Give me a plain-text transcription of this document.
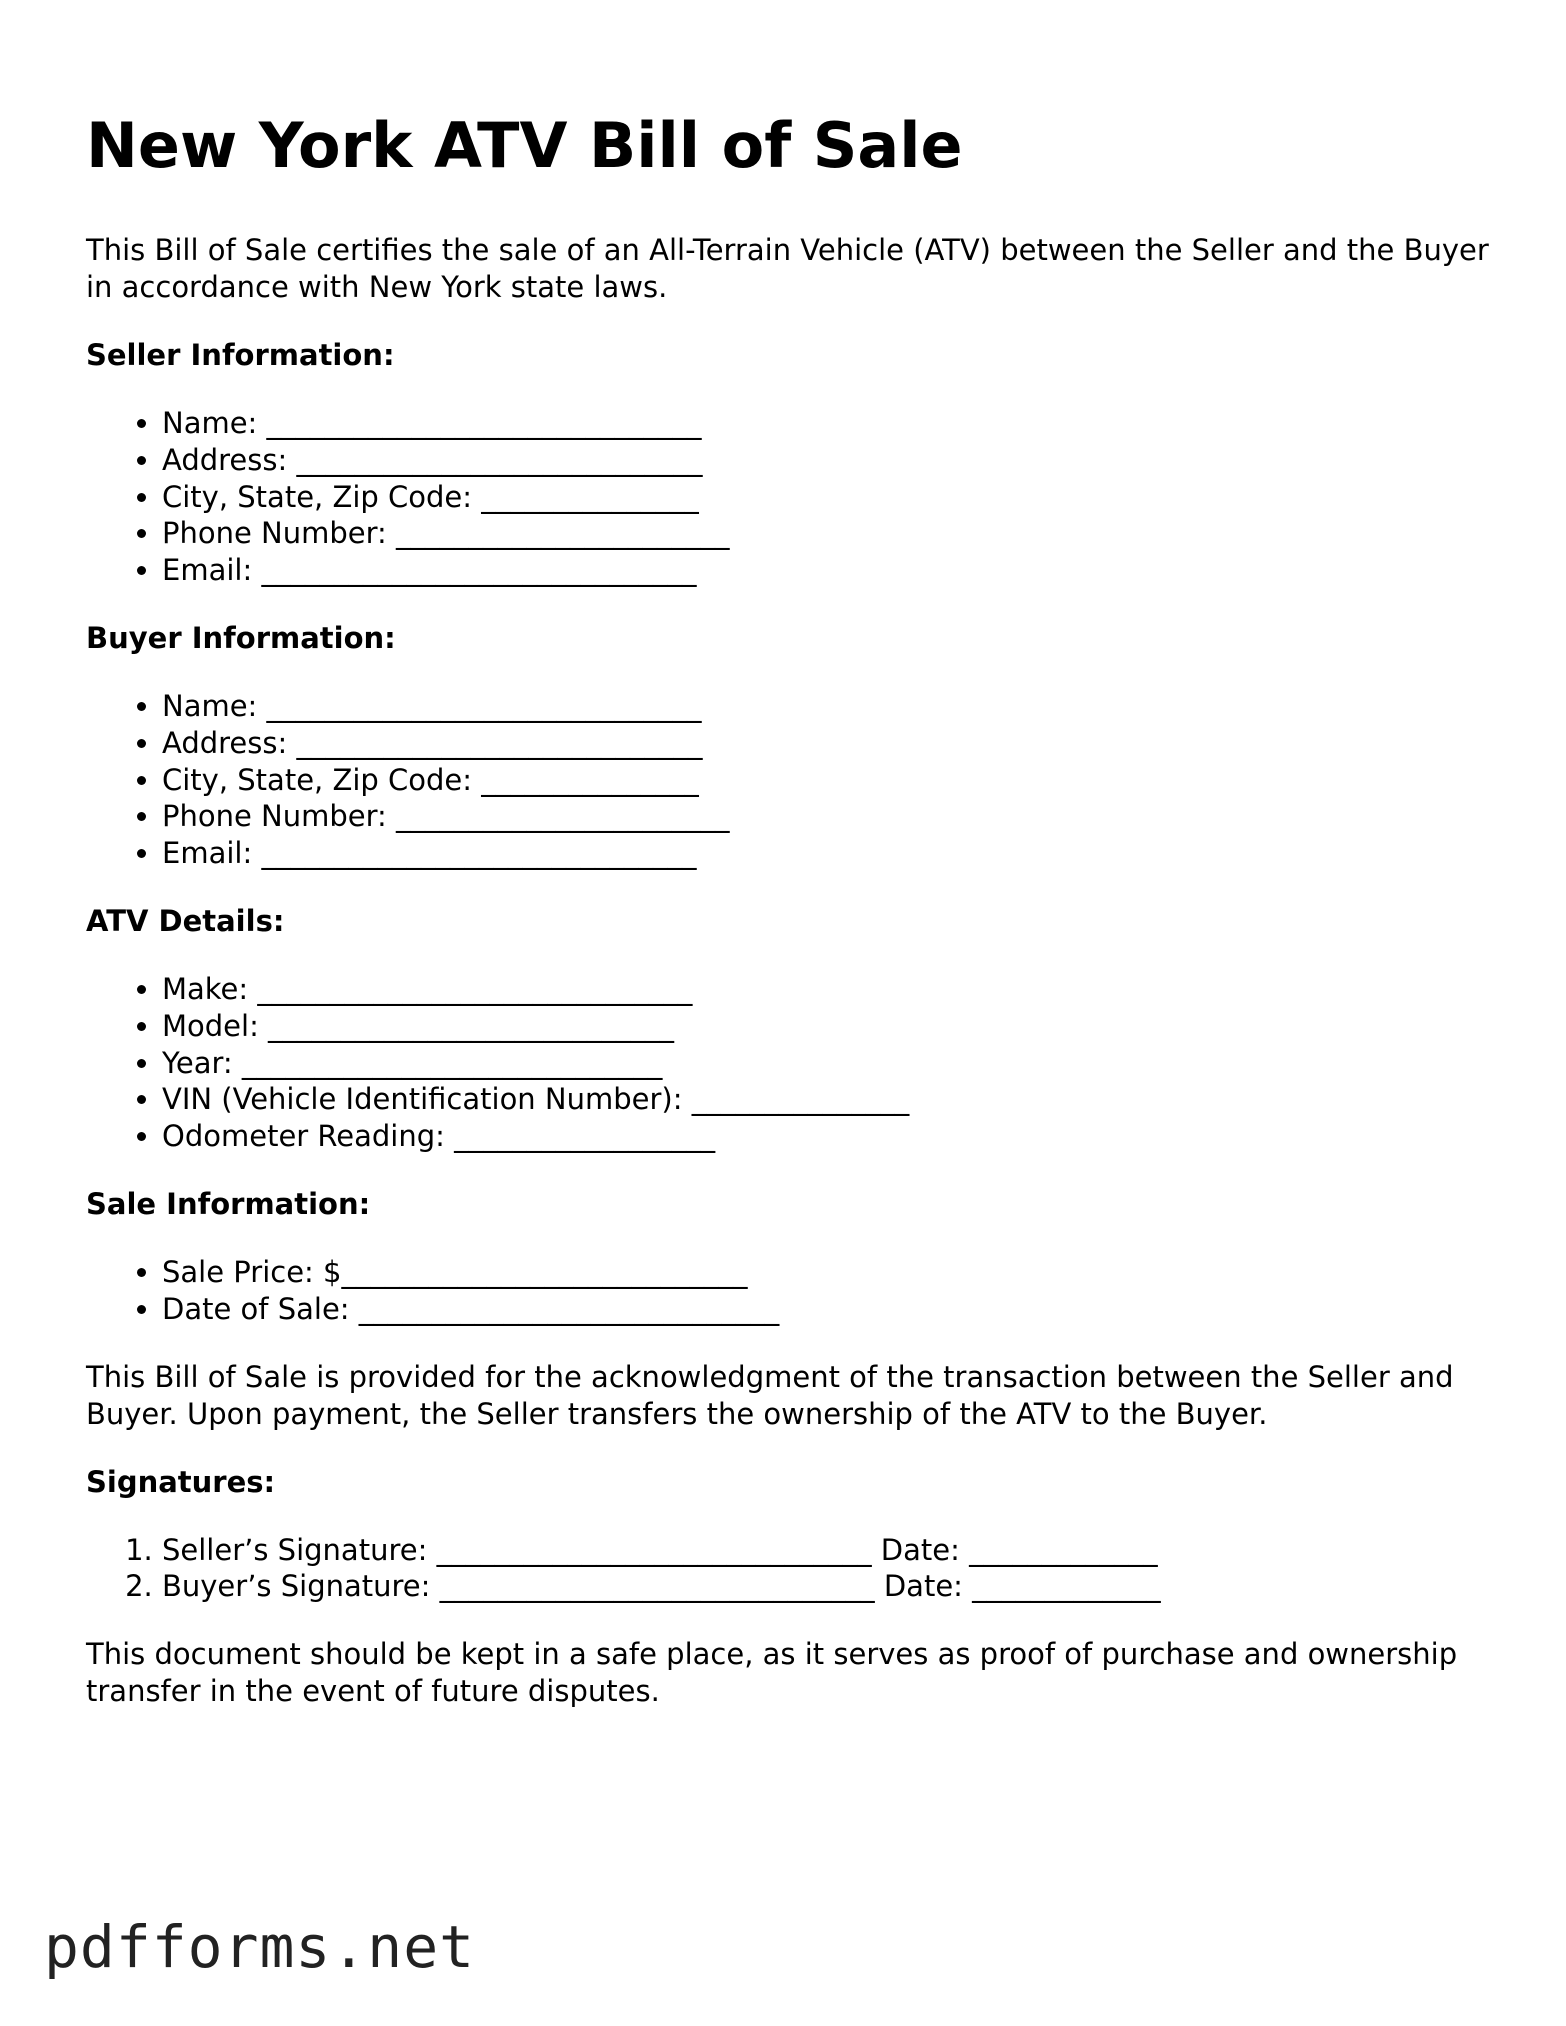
New York ATV Bill of Sale

This Bill of Sale certifies the sale of an All-Terrain Vehicle (ATV) between the Seller and the Buyer in accordance with New York state laws.

Seller Information:
• Name: ______________________________
• Address: ____________________________
• City, State, Zip Code: _______________
• Phone Number: _______________________
• Email: ______________________________
Buyer Information:
• Name: ______________________________
• Address: ____________________________
• City, State, Zip Code: _______________
• Phone Number: _______________________
• Email: ______________________________
ATV Details:
• Make: ______________________________
• Model: ____________________________
• Year: _____________________________
• VIN (Vehicle Identification Number): _______________
• Odometer Reading: __________________
Sale Information:
• Sale Price: $____________________________
• Date of Sale: _____________________________

This Bill of Sale is provided for the acknowledgment of the transaction between the Seller and Buyer. Upon payment, the Seller transfers the ownership of the ATV to the Buyer.

Signatures:
1. Seller’s Signature: ______________________________ Date: _____________
2. Buyer’s Signature: ______________________________ Date: _____________

This document should be kept in a safe place, as it serves as proof of purchase and ownership transfer in the event of future disputes.

pdfforms.net
